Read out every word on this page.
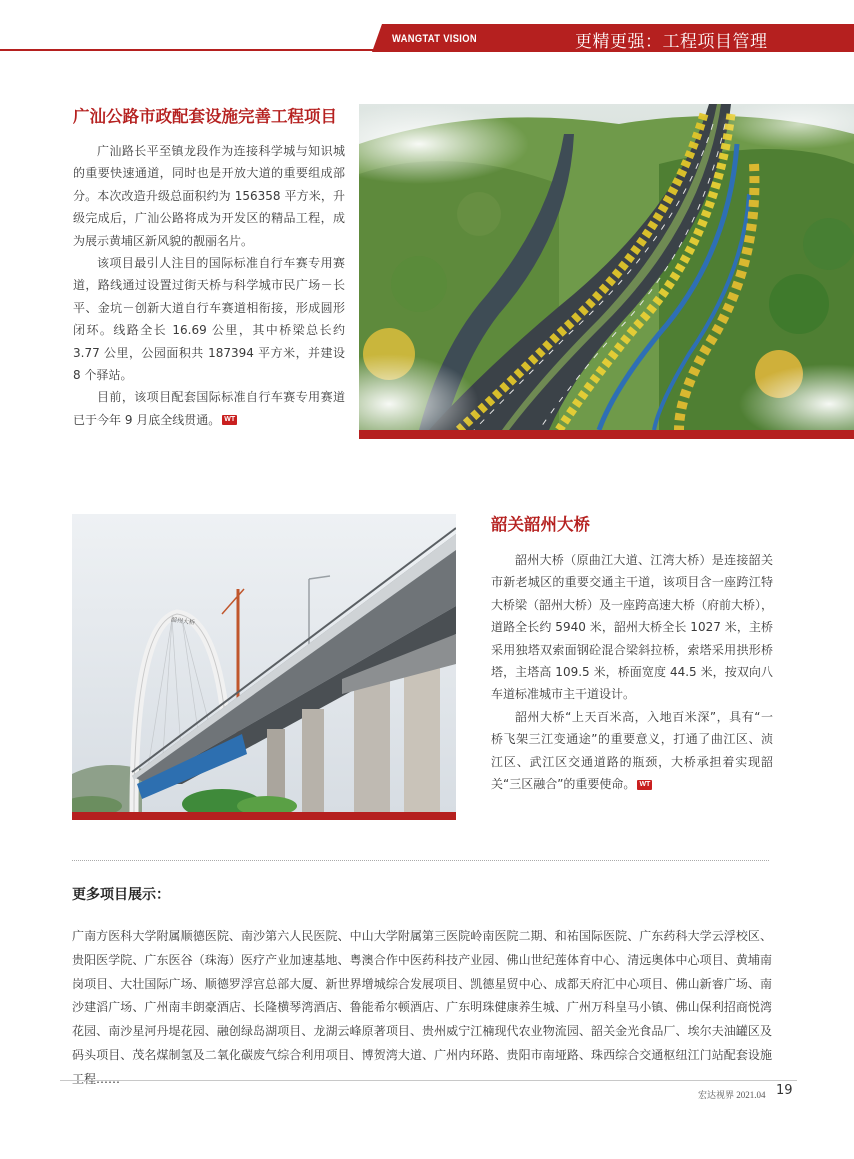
WANGTAT VISION	更精更强：工程项目管理
广汕公路市政配套设施完善工程项目

广汕路长平至镇龙段作为连接科学城与知识城的重要快速通道，同时也是开放大道的重要组成部分。本次改造升级总面积约为 156358 平方米，升级完成后，广汕公路将成为开发区的精品工程，成为展示黄埔区新风貌的靓丽名片。

该项目最引人注目的国际标准自行车赛专用赛道，路线通过设置过街天桥与科学城市民广场－长平、金坑－创新大道自行车赛道相衔接，形成圆形闭环。线路全长 16.69 公里，其中桥梁总长约 3.77 公里，公园面积共 187394 平方米，并建设 8 个驿站。

目前，该项目配套国际标准自行车赛专用赛道已于今年 9 月底全线贯通。 WT

韶州大桥
韶关韶州大桥

韶州大桥（原曲江大道、江湾大桥）是连接韶关市新老城区的重要交通主干道，该项目含一座跨江特大桥梁（韶州大桥）及一座跨高速大桥（府前大桥），道路全长约 5940 米，韶州大桥全长 1027 米，主桥采用独塔双索面钢砼混合梁斜拉桥，索塔采用拱形桥塔，主塔高 109.5 米，桥面宽度 44.5 米，按双向八车道标准城市主干道设计。

韶州大桥“上天百米高，入地百米深”，具有“一桥飞架三江变通途”的重要意义，打通了曲江区、浈江区、武江区交通道路的瓶颈，大桥承担着实现韶关“三区融合”的重要使命。 WT

更多项目展示：
广南方医科大学附属顺德医院、南沙第六人民医院、中山大学附属第三医院岭南医院二期、和祐国际医院、广东药科大学云浮校区、贵阳医学院、广东医谷（珠海）医疗产业加速基地、粤澳合作中医药科技产业园、佛山世纪莲体育中心、清远奥体中心项目、黄埔南岗项目、大壮国际广场、顺德罗浮宫总部大厦、新世界增城综合发展项目、凯德星贸中心、成都天府汇中心项目、佛山新睿广场、南沙建滔广场、广州南丰朗豪酒店、长隆横琴湾酒店、鲁能希尔顿酒店、广东明珠健康养生城、广州万科皇马小镇、佛山保利招商悦湾花园、南沙星河丹堤花园、融创绿岛湖项目、龙湖云峰原著项目、贵州威宁江楠现代农业物流园、韶关金光食品厂、埃尔夫油罐区及码头项目、茂名煤制氢及二氧化碳废气综合利用项目、博贺湾大道、广州内环路、贵阳市南垭路、珠西综合交通枢纽江门站配套设施工程……
宏达视界 2021.04 19
